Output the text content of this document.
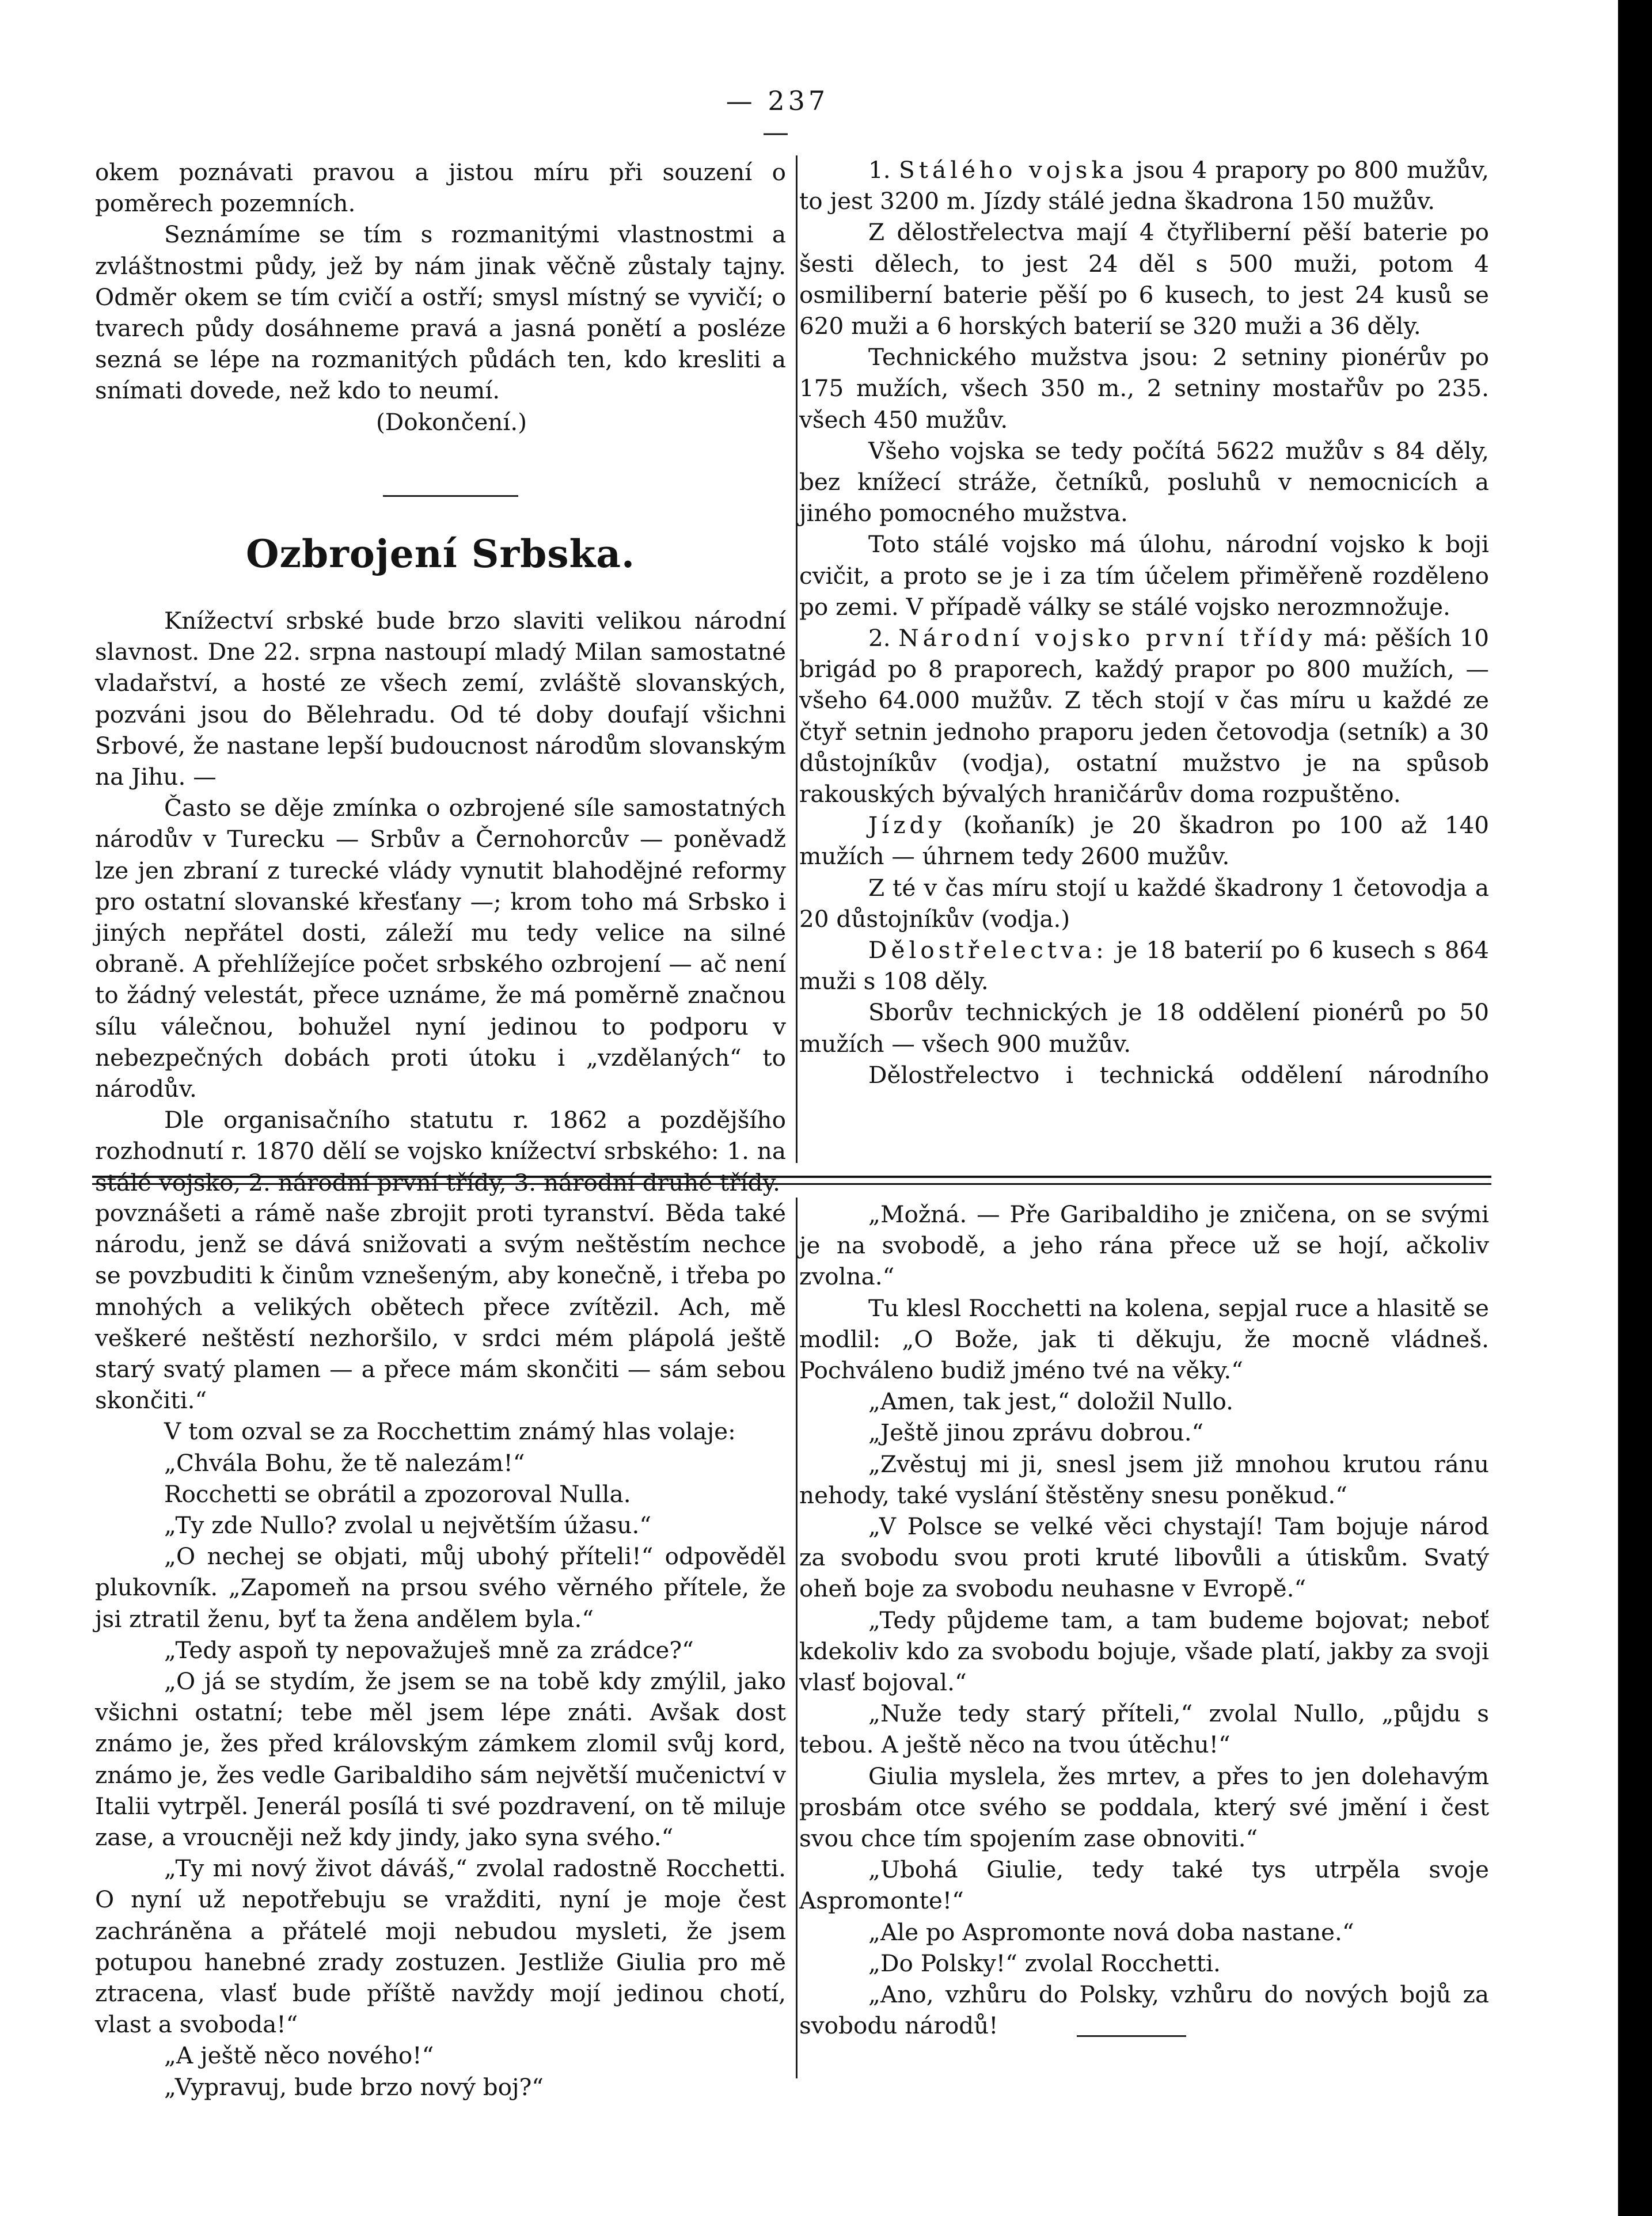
— 237 —

okem poznávati pravou a jistou míru při souzení o poměrech pozemních.

Seznámíme se tím s rozmanitými vlastnostmi a zvláštnostmi půdy, jež by nám jinak věčně zůstaly tajny. Odměr okem se tím cvičí a ostří; smysl místný se vyvičí; o tvarech půdy dosáhneme pravá a jasná ponětí a posléze sezná se lépe na rozmanitých půdách ten, kdo kresliti a snímati dovede, než kdo to neumí.

(Dokončení.)

Ozbrojení Srbska.

Knížectví srbské bude brzo slaviti velikou národní slavnost. Dne 22. srpna nastoupí mladý Milan samostatné vladařství, a hosté ze všech zemí, zvláště slovanských, pozváni jsou do Bělehradu. Od té doby doufají všichni Srbové, že nastane lepší budoucnost národům slovanským na Jihu. —

Často se děje zmínka o ozbrojené síle samostatných národův v Turecku — Srbův a Černohorcův — poněvadž lze jen zbraní z turecké vlády vynutit blahodějné reformy pro ostatní slovanské křesťany —; krom toho má Srbsko i jiných nepřátel dosti, záleží mu tedy velice na silné obraně. A přehlížejíce počet srbského ozbrojení — ač není to žádný velestát, přece uznáme, že má poměrně značnou sílu válečnou, bohužel nyní jedinou to podporu v nebezpečných dobách proti útoku i „vzdělaných“ to národův.

Dle organisačního statutu r. 1862 a pozdějšího rozhodnutí r. 1870 dělí se vojsko knížectví srbského: 1. na stálé vojsko, 2. národní první třídy, 3. národní druhé třídy.

1. Stálého vojska jsou 4 prapory po 800 mužův, to jest 3200 m. Jízdy stálé jedna škadrona 150 mužův.

Z dělostřelectva mají 4 čtyřliberní pěší baterie po šesti dělech, to jest 24 děl s 500 muži, potom 4 osmiliberní baterie pěší po 6 kusech, to jest 24 kusů se 620 muži a 6 horských baterií se 320 muži a 36 děly.

Technického mužstva jsou: 2 setniny pionérův po 175 mužích, všech 350 m., 2 setniny mostařův po 235. všech 450 mužův.

Všeho vojska se tedy počítá 5622 mužův s 84 děly, bez knížecí stráže, četníků, posluhů v nemocnicích a jiného pomocného mužstva.

Toto stálé vojsko má úlohu, národní vojsko k boji cvičit, a proto se je i za tím účelem přiměřeně rozděleno po zemi. V případě války se stálé vojsko nerozmnožuje.

2. Národní vojsko první třídy má: pěších 10 brigád po 8 praporech, každý prapor po 800 mužích, — všeho 64.000 mužův. Z těch stojí v čas míru u každé ze čtyř setnin jednoho praporu jeden četovodja (setník) a 30 důstojníkův (vodja), ostatní mužstvo je na spůsob rakouských bývalých hraničárův doma rozpuštěno.

Jízdy (koňaník) je 20 škadron po 100 až 140 mužích — úhrnem tedy 2600 mužův.

Z té v čas míru stojí u každé škadrony 1 četovodja a 20 důstojníkův (vodja.)

Dělostřelectva: je 18 baterií po 6 kusech s 864 muži s 108 děly.

Sborův technických je 18 oddělení pionérů po 50 mužích — všech 900 mužův.

Dělostřelectvo i technická oddělení národního

povznášeti a rámě naše zbrojit proti tyranství. Běda také národu, jenž se dává snižovati a svým neštěstím nechce se povzbuditi k činům vznešeným, aby konečně, i třeba po mnohých a velikých obětech přece zvítězil. Ach, mě veškeré neštěstí nezhoršilo, v srdci mém plápolá ještě starý svatý plamen — a přece mám skončiti — sám sebou skončiti.“

V tom ozval se za Rocchettim známý hlas volaje:

„Chvála Bohu, že tě nalezám!“

Rocchetti se obrátil a zpozoroval Nulla.

„Ty zde Nullo? zvolal u největším úžasu.“

„O nechej se objati, můj ubohý příteli!“ odpověděl plukovník. „Zapomeň na prsou svého věrného přítele, že jsi ztratil ženu, byť ta žena andělem byla.“

„Tedy aspoň ty nepovažuješ mně za zrádce?“

„O já se stydím, že jsem se na tobě kdy zmýlil, jako všichni ostatní; tebe měl jsem lépe znáti. Avšak dost známo je, žes před královským zámkem zlomil svůj kord, známo je, žes vedle Garibaldiho sám největší mučenictví v Italii vytrpěl. Jenerál posílá ti své pozdravení, on tě miluje zase, a vroucněji než kdy jindy, jako syna svého.“

„Ty mi nový život dáváš,“ zvolal radostně Rocchetti. O nyní už nepotřebuju se vražditi, nyní je moje čest zachráněna a přátelé moji nebudou mysleti, že jsem potupou hanebné zrady zostuzen. Jestliže Giulia pro mě ztracena, vlasť bude příště navždy mojí jedinou chotí, vlast a svoboda!“

„A ještě něco nového!“

„Vypravuj, bude brzo nový boj?“

„Možná. — Pře Garibaldiho je zničena, on se svými je na svobodě, a jeho rána přece už se hojí, ačkoliv zvolna.“

Tu klesl Rocchetti na kolena, sepjal ruce a hlasitě se modlil: „O Bože, jak ti děkuju, že mocně vládneš. Pochváleno budiž jméno tvé na věky.“

„Amen, tak jest,“ doložil Nullo.

„Ještě jinou zprávu dobrou.“

„Zvěstuj mi ji, snesl jsem již mnohou krutou ránu nehody, také vyslání štěstěny snesu poněkud.“

„V Polsce se velké věci chystají! Tam bojuje národ za svobodu svou proti kruté libovůli a útiskům. Svatý oheň boje za svobodu neuhasne v Evropě.“

„Tedy půjdeme tam, a tam budeme bojovat; neboť kdekoliv kdo za svobodu bojuje, všade platí, jakby za svoji vlasť bojoval.“

„Nuže tedy starý příteli,“ zvolal Nullo, „půjdu s tebou. A ještě něco na tvou útěchu!“

Giulia myslela, žes mrtev, a přes to jen dolehavým prosbám otce svého se poddala, který své jmění i čest svou chce tím spojením zase obnoviti.“

„Ubohá Giulie, tedy také tys utrpěla svoje Aspromonte!“

„Ale po Aspromonte nová doba nastane.“

„Do Polsky!“ zvolal Rocchetti.

„Ano, vzhůru do Polsky, vzhůru do nových bojů za svobodu národů!
